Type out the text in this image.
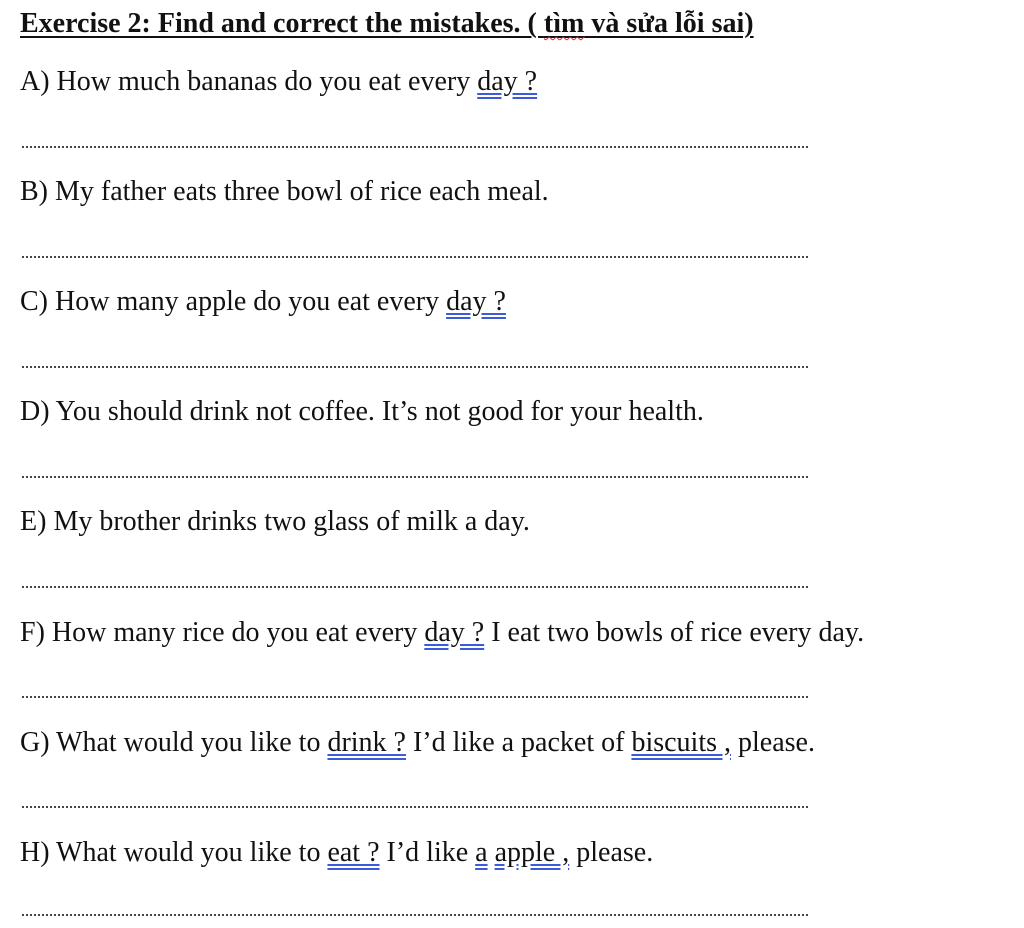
Exercise 2: Find and correct the mistakes. ( tìm và sửa lỗi sai)
A) How much bananas do you eat every day ?
B) My father eats three bowl of rice each meal.
C) How many apple do you eat every day ?
D) You should drink not coffee. It’s not good for your health.
E) My brother drinks two glass of milk a day.
F) How many rice do you eat every day ? I eat two bowls of rice every day.
G) What would you like to drink ? I’d like a packet of biscuits , please.
H) What would you like to eat ? I’d like a apple , please.
